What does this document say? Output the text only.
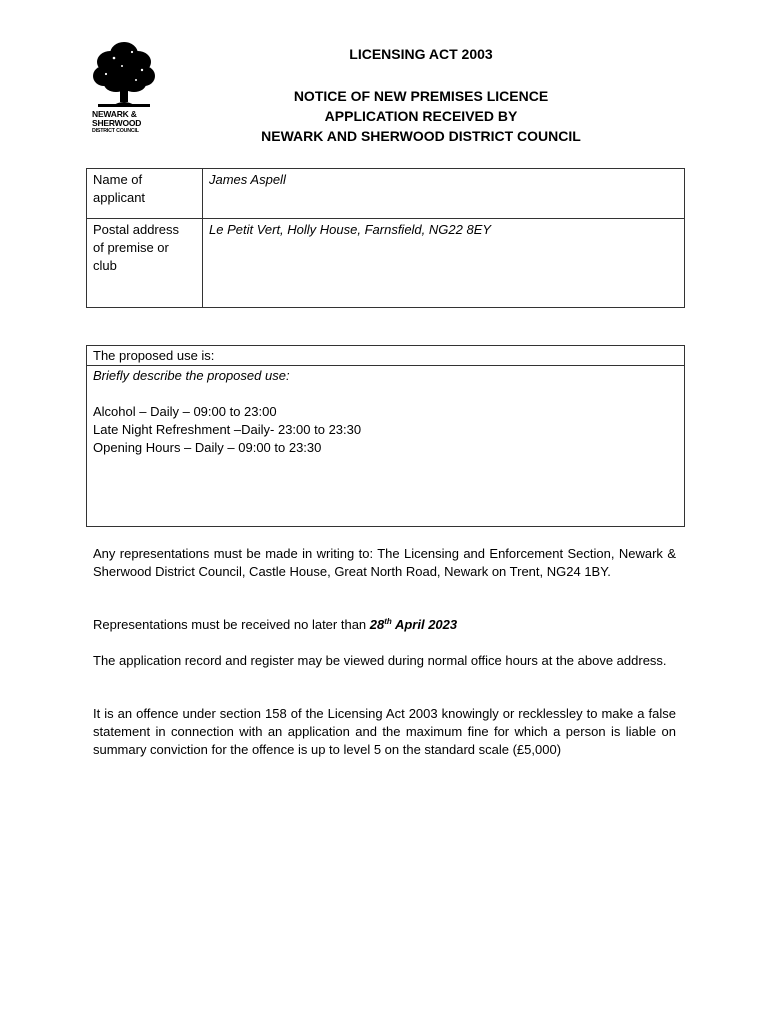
NEWARK &
SHERWOOD
DISTRICT COUNCIL
LICENSING ACT 2003
NOTICE OF NEW PREMISES LICENCE
APPLICATION RECEIVED BY
NEWARK AND SHERWOOD DISTRICT COUNCIL
Name of
applicant	James Aspell

Postal address
of premise or
club	Le Petit Vert, Holly House, Farnsfield, NG22 8EY
The proposed use is:
Briefly describe the proposed use:
Alcohol – Daily – 09:00 to 23:00
Late Night Refreshment –Daily- 23:00 to 23:30
Opening Hours – Daily – 09:00 to 23:30
Any representations must be made in writing to: The Licensing and Enforcement Section, Newark & Sherwood District Council, Castle House, Great North Road, Newark on Trent, NG24 1BY.
Representations must be received no later than 28th April 2023
The application record and register may be viewed during normal office hours at the above address.
It is an offence under section 158 of the Licensing Act 2003 knowingly or recklessley to make a false statement in connection with an application and the maximum fine for which a person is liable on summary conviction for the offence is up to level 5 on the standard scale (£5,000)
